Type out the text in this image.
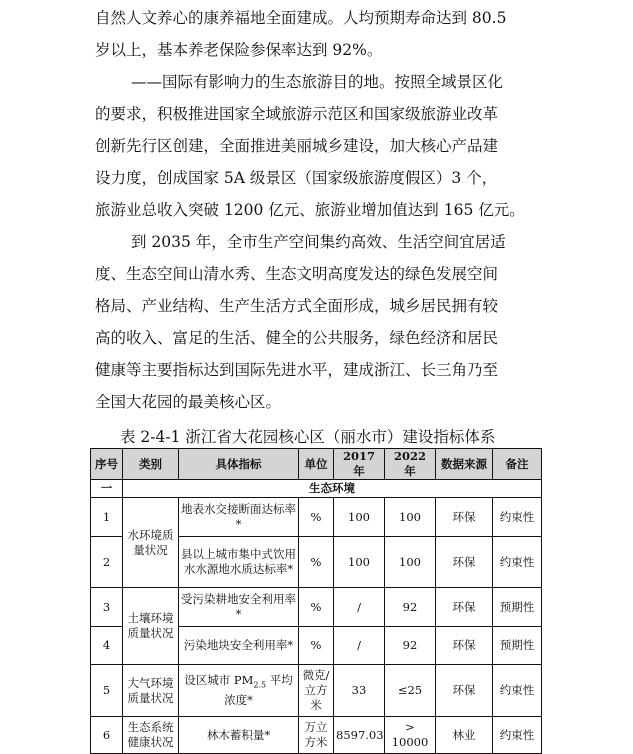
自然人文养心的康养福地全面建成。人均预期寿命达到 80.5
岁以上，基本养老保险参保率达到 92%。
——国际有影响力的生态旅游目的地。按照全域景区化
的要求，积极推进国家全域旅游示范区和国家级旅游业改革
创新先行区创建，全面推进美丽城乡建设，加大核心产品建
设力度，创成国家 5A 级景区（国家级旅游度假区）3 个，
旅游业总收入突破 1200 亿元、旅游业增加值达到 165 亿元。
到 2035 年，全市生产空间集约高效、生活空间宜居适
度、生态空间山清水秀、生态文明高度发达的绿色发展空间
格局、产业结构、生产生活方式全面形成，城乡居民拥有较
高的收入、富足的生活、健全的公共服务，绿色经济和居民
健康等主要指标达到国际先进水平，建成浙江、长三角乃至
全国大花园的最美核心区。
表 2-4-1 浙江省大花园核心区（丽水市）建设指标体系
序号	类别	具体指标	单位	2017 年	2022 年	数据来源	备注
一	生态环境						
1	水环境质量状况	地表水交接断面达标率*	%	100	100	环保	约束性
2		县以上城市集中式饮用水水源地水质达标率*	%	100	100	环保	约束性
3	土壤环境质量状况	受污染耕地安全利用率*	%	/	92	环保	预期性
4		污染地块安全利用率*	%	/	92	环保	预期性
5	大气环境质量状况	设区城市 $PM_{2.5}$ 平均浓度*	微克/立方米	33	≤25	环保	约束性
6	生态系统健康状况	林木蓄积量*	万立方米	8597.03	> 10000	林业	约束性
